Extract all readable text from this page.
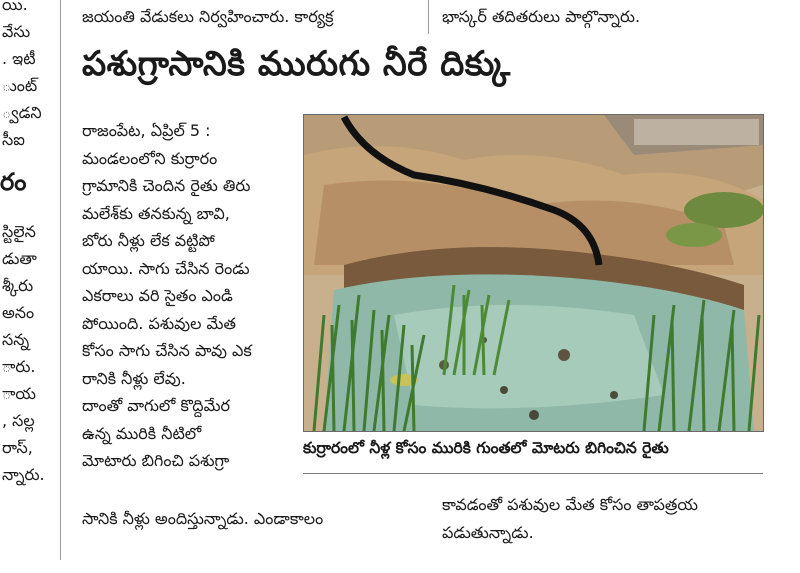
జయంతి వేడుకలు నిర్వహించారు. కార్యక్ర	భాస్కర్ తదితరులు పాల్గొన్నారు.
యి.
వేసు
. ఇటీ
ుంట్
్వడని
సీఐ
రం
స్టిలైన
డుతా
శ్కీరు
అనం
సన్న
ారు.
ాయ
, సల్ల
రాస్,
న్నారు.
పశుగ్రాసానికి మురుగు నీరే దిక్కు
రాజంపేట, ఏప్రిల్ 5 :
మండలంలోని కుర్రారం
గ్రామానికి చెందిన రైతు తిరు
మలేశ్‌కు తనకున్న బావి,
బోరు నీళ్లు లేక వట్టిపో
యాయి. సాగు చేసిన రెండు
ఎకరాలు వరి సైతం ఎండి
పోయింది. పశువుల మేత
కోసం సాగు చేసిన పావు ఎక
రానికి నీళ్లు లేవు.
దాంతో వాగులో కొద్దిమేర
ఉన్న మురికి నీటిలో
మోటారు బిగించి పశుగ్రా
సానికి నీళ్లు అందిస్తున్నాడు. ఎండాకాలం
కావడంతో పశువుల మేత కోసం తాపత్రయ
పడుతున్నాడు.
కుర్రారంలో నీళ్ల కోసం మురికి గుంతలో మోటరు బిగించిన రైతు
